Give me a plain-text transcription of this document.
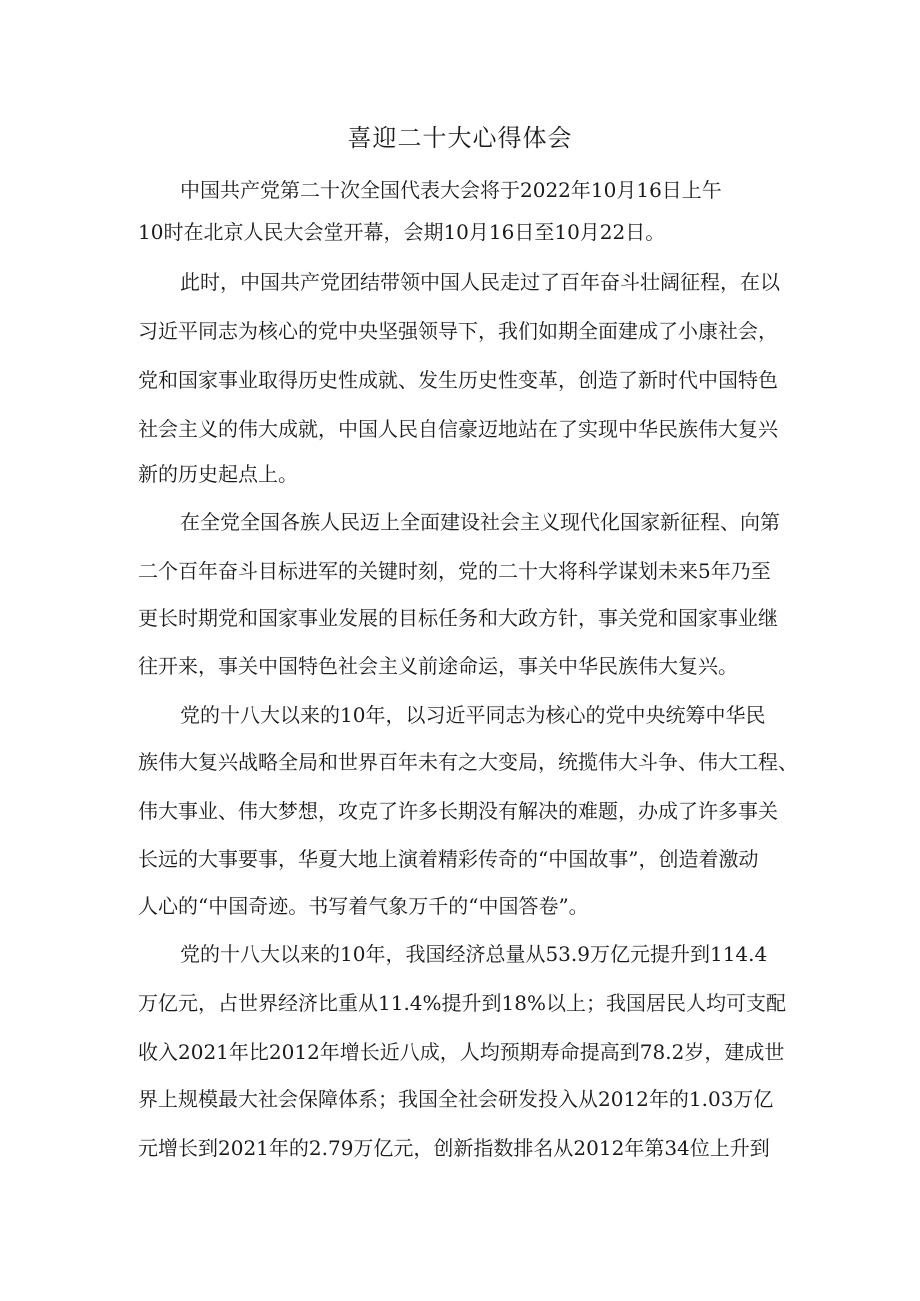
喜迎二十大心得体会

中国共产党第二十次全国代表大会将于2022年10月16日上午

10时在北京人民大会堂开幕，会期10月16日至10月22日。

此时，中国共产党团结带领中国人民走过了百年奋斗壮阔征程，在以

习近平同志为核心的党中央坚强领导下，我们如期全面建成了小康社会，

党和国家事业取得历史性成就、发生历史性变革，创造了新时代中国特色

社会主义的伟大成就，中国人民自信豪迈地站在了实现中华民族伟大复兴

新的历史起点上。

在全党全国各族人民迈上全面建设社会主义现代化国家新征程、向第

二个百年奋斗目标进军的关键时刻，党的二十大将科学谋划未来5年乃至

更长时期党和国家事业发展的目标任务和大政方针，事关党和国家事业继

往开来，事关中国特色社会主义前途命运，事关中华民族伟大复兴。

党的十八大以来的10年，以习近平同志为核心的党中央统筹中华民

族伟大复兴战略全局和世界百年未有之大变局，统揽伟大斗争、伟大工程、

伟大事业、伟大梦想，攻克了许多长期没有解决的难题，办成了许多事关

长远的大事要事，华夏大地上演着精彩传奇的“中国故事”，创造着激动

人心的“中国奇迹。书写着气象万千的“中国答卷”。

党的十八大以来的10年，我国经济总量从53.9万亿元提升到114.4

万亿元，占世界经济比重从11.4%提升到18%以上；我国居民人均可支配

收入2021年比2012年增长近八成，人均预期寿命提高到78.2岁，建成世

界上规模最大社会保障体系；我国全社会研发投入从2012年的1.03万亿

元增长到2021年的2.79万亿元，创新指数排名从2012年第34位上升到
